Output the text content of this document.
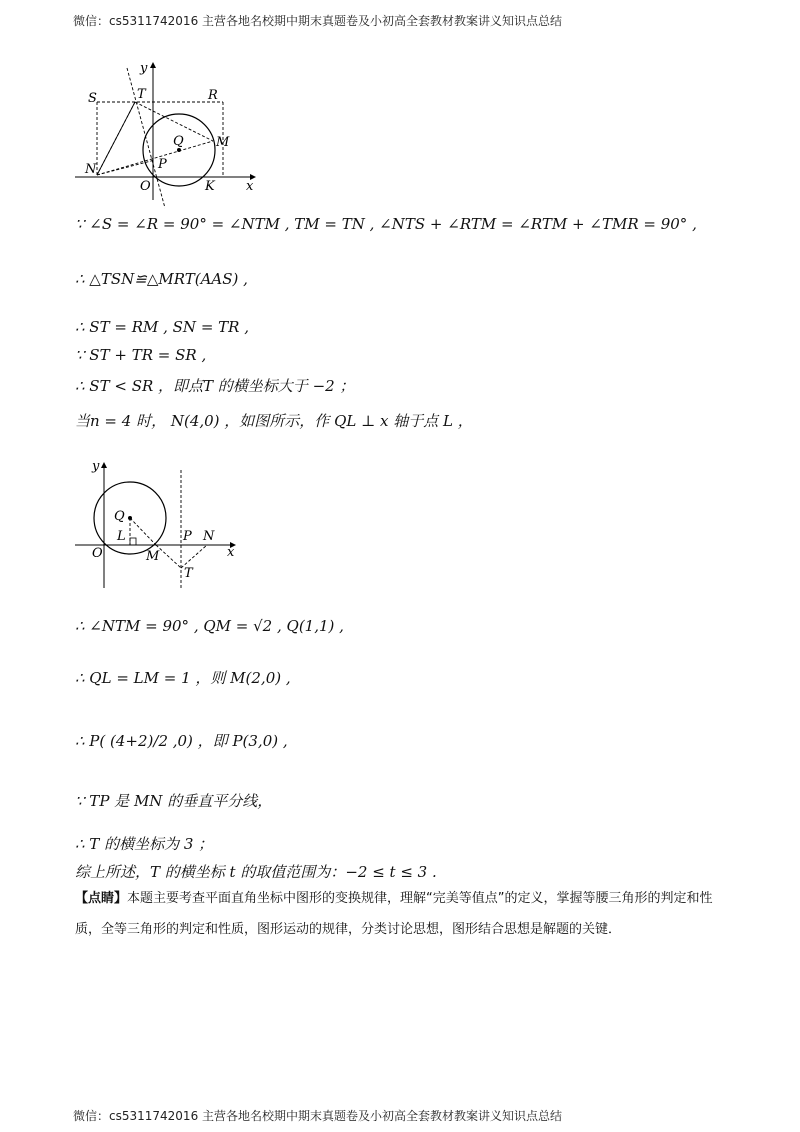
微信：cs5311742016 主营各地名校期中期末真题卷及小初高全套教材教案讲义知识点总结
y
x
S	T	R
Q M
N	P
O	K
∵ ∠S = ∠R = 90° = ∠NTM , TM = TN , ∠NTS + ∠RTM = ∠RTM + ∠TMR = 90° ,
∴ △TSN≌△MRT(AAS) ,
∴ ST = RM , SN = TR ,
∵ ST + TR = SR ,
∴ ST < SR ，即点T 的横坐标大于 −2 ；
当n = 4 时， N(4,0) ，如图所示，作 QL ⊥ x 轴于点 L ，
y
x
Q
L
O	M
P N
T
∴ ∠NTM = 90° , QM = √2 , Q(1,1) ,
∴ QL = LM = 1 ，则 M(2,0) ,
∴ P( (4+2)/2 ,0) ，即 P(3,0) ,
∵ TP 是 MN 的垂直平分线，
∴ T 的横坐标为 3 ；
综上所述，T 的横坐标 t 的取值范围为：−2 ≤ t ≤ 3 .
【点睛】本题主要考查平面直角坐标中图形的变换规律，理解“完美等值点”的定义，掌握等腰三角形的判定和性质，全等三角形的判定和性质，图形运动的规律，分类讨论思想，图形结合思想是解题的关键．
微信：cs5311742016 主营各地名校期中期末真题卷及小初高全套教材教案讲义知识点总结
